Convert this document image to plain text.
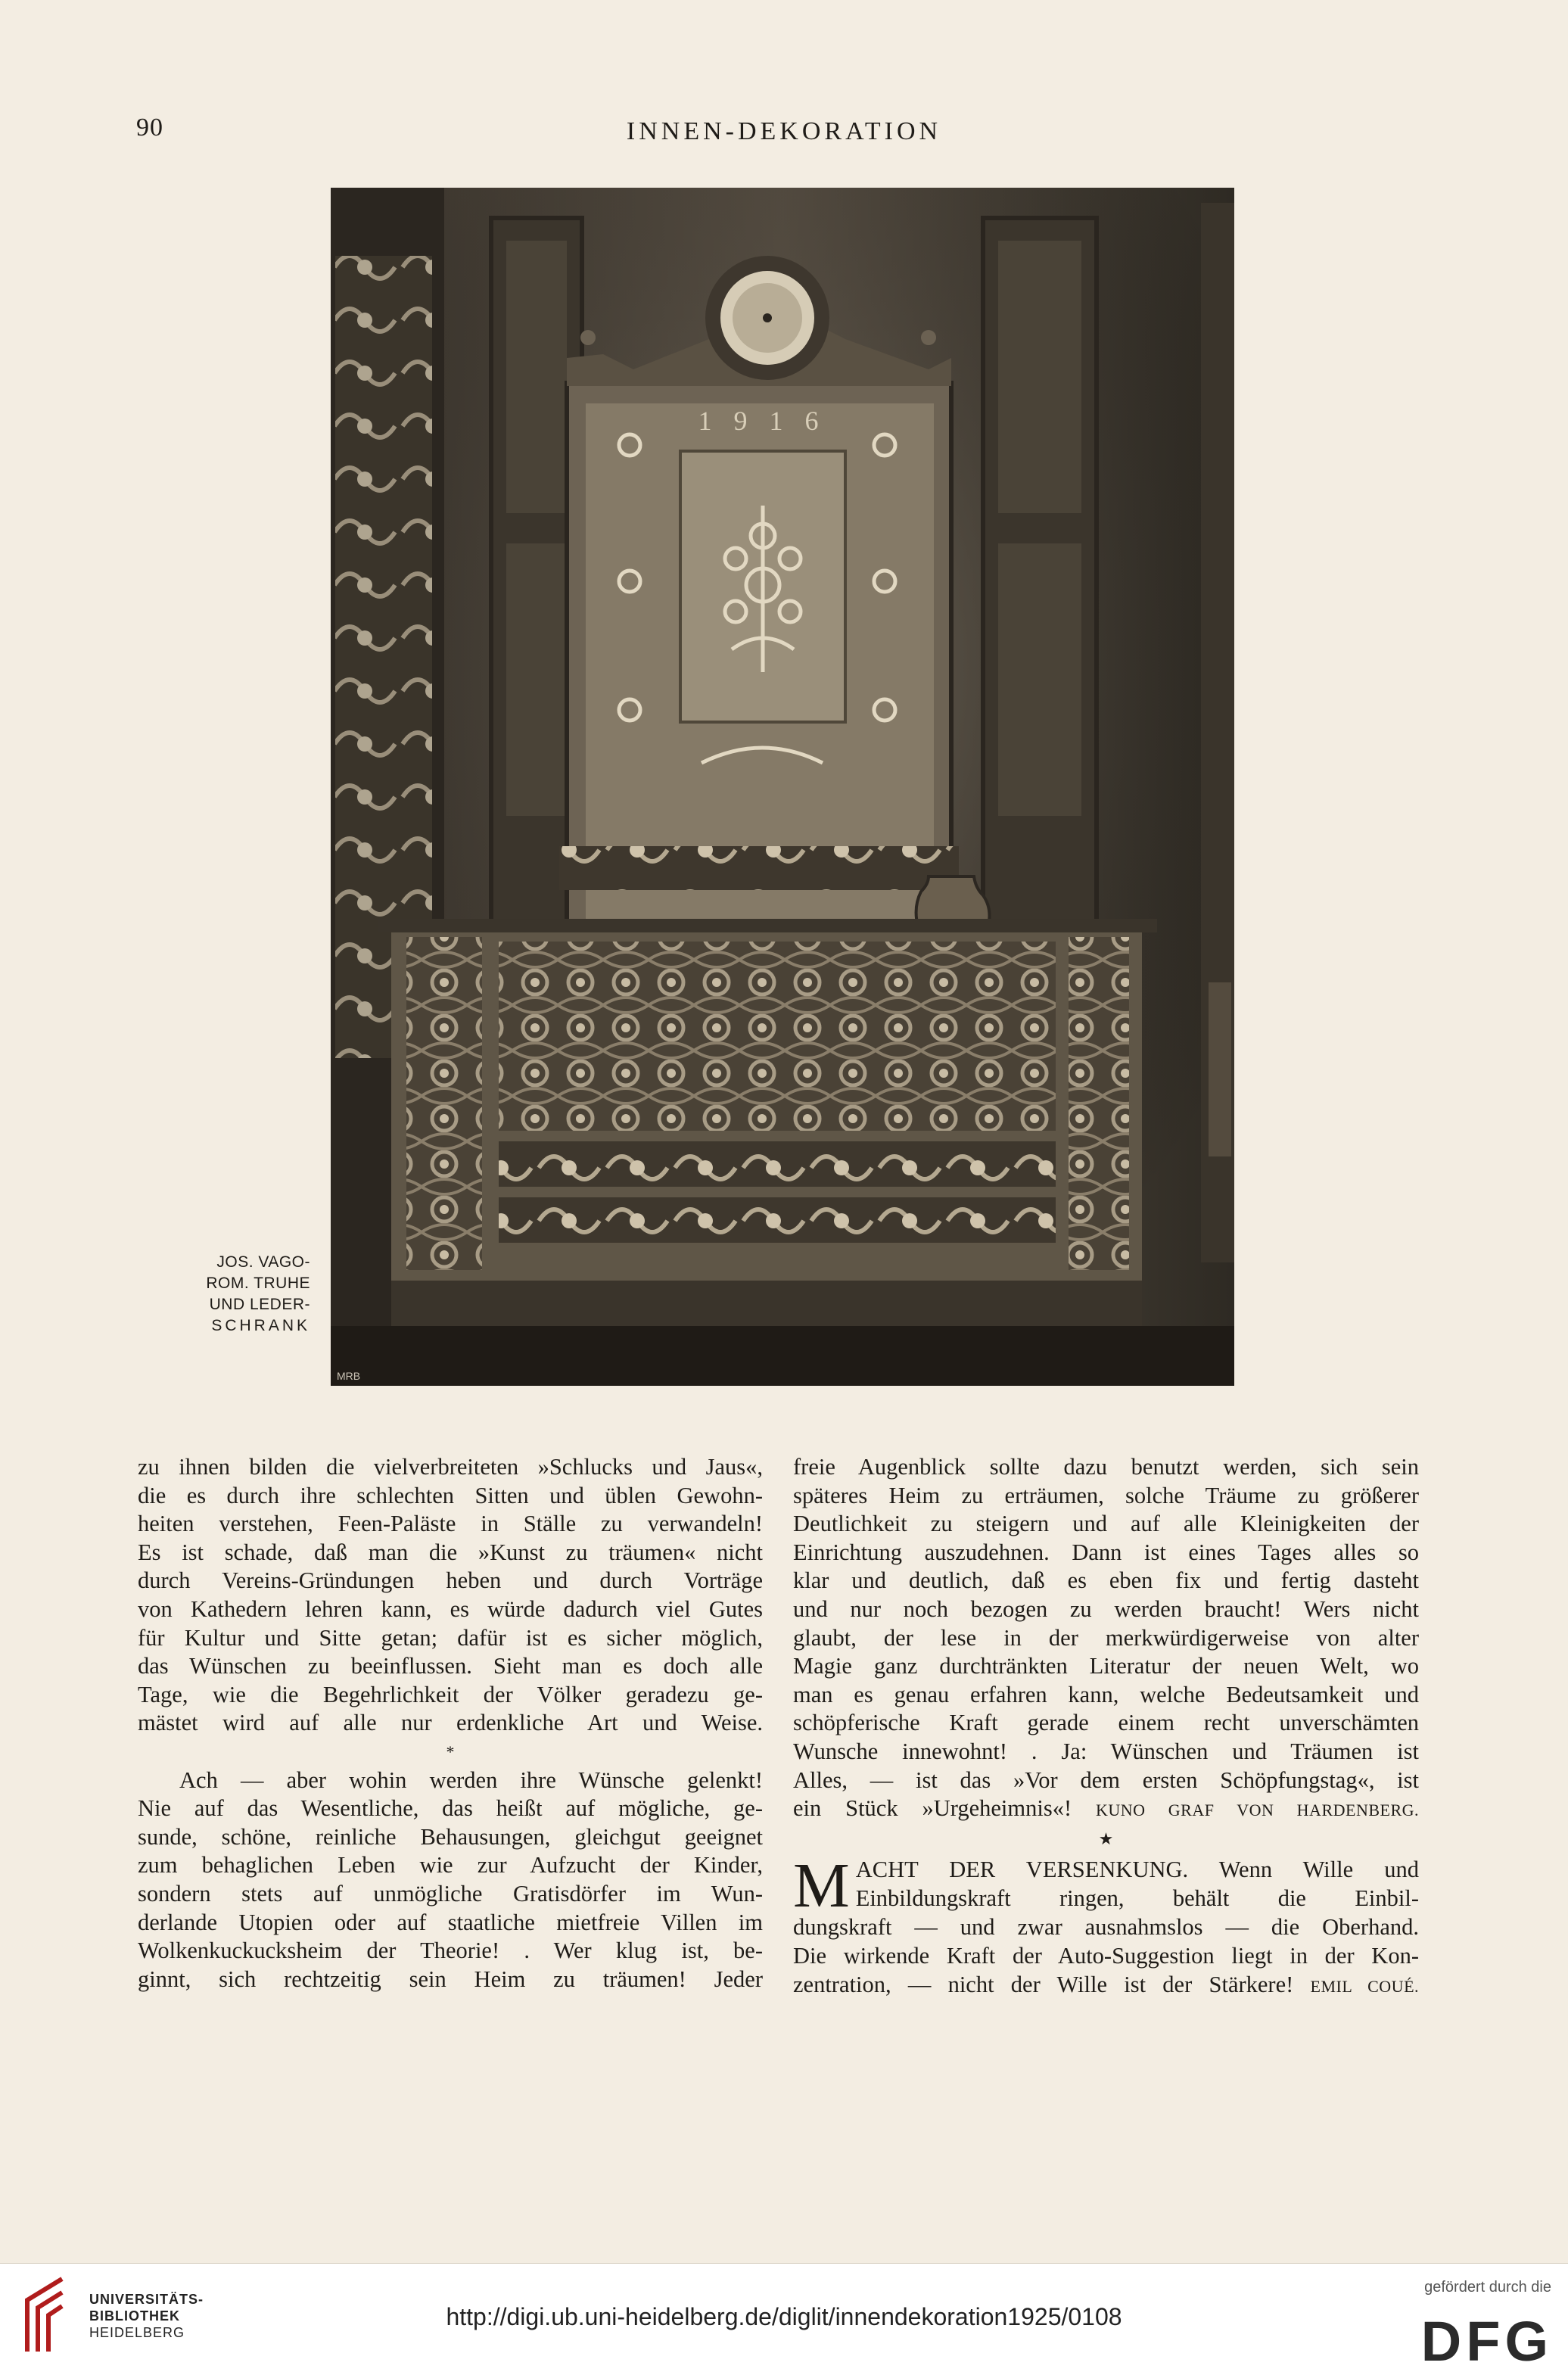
90	INNEN-DEKORATION
1 9 1 6
MRB
JOS. VAGO-
ROM. TRUHE
UND LEDER-
SCHRANK
zu ihnen bilden die vielverbreiteten »Schlucks und Jaus«,
die es durch ihre schlechten Sitten und üblen Gewohn-
heiten verstehen, Feen-Paläste in Ställe zu verwandeln!
Es ist schade, daß man die »Kunst zu träumen« nicht
durch Vereins-Gründungen heben und durch Vorträge
von Kathedern lehren kann, es würde dadurch viel Gutes
für Kultur und Sitte getan; dafür ist es sicher möglich,
das Wünschen zu beeinflussen. Sieht man es doch alle
Tage, wie die Begehrlichkeit der Völker geradezu ge-
mästet wird auf alle nur erdenkliche Art und Weise.
*
Ach — aber wohin werden ihre Wünsche gelenkt!
Nie auf das Wesentliche, das heißt auf mögliche, ge-
sunde, schöne, reinliche Behausungen, gleichgut geeignet
zum behaglichen Leben wie zur Aufzucht der Kinder,
sondern stets auf unmögliche Gratisdörfer im Wun-
derlande Utopien oder auf staatliche mietfreie Villen im
Wolkenkuckucksheim der Theorie! . Wer klug ist, be-
ginnt, sich rechtzeitig sein Heim zu träumen! Jeder
freie Augenblick sollte dazu benutzt werden, sich sein
späteres Heim zu erträumen, solche Träume zu größerer
Deutlichkeit zu steigern und auf alle Kleinigkeiten der
Einrichtung auszudehnen. Dann ist eines Tages alles so
klar und deutlich, daß es eben fix und fertig dasteht
und nur noch bezogen zu werden braucht! Wers nicht
glaubt, der lese in der merkwürdigerweise von alter
Magie ganz durchtränkten Literatur der neuen Welt, wo
man es genau erfahren kann, welche Bedeutsamkeit und
schöpferische Kraft gerade einem recht unverschämten
Wunsche innewohnt! . Ja: Wünschen und Träumen ist
Alles, — ist das »Vor dem ersten Schöpfungstag«, ist
ein Stück »Urgeheimnis«! KUNO GRAF VON HARDENBERG.
★
M ACHT DER VERSENKUNG. Wenn Wille und
Einbildungskraft ringen, behält die Einbil-
dungskraft — und zwar ausnahmslos — die Oberhand.
Die wirkende Kraft der Auto-Suggestion liegt in der Kon-
zentration, — nicht der Wille ist der Stärkere! EMIL COUÉ.
UNIVERSITÄTS-
BIBLIOTHEK
HEIDELBERG
http://digi.ub.uni-heidelberg.de/diglit/innendekoration1925/0108
gefördert durch die
DFG
